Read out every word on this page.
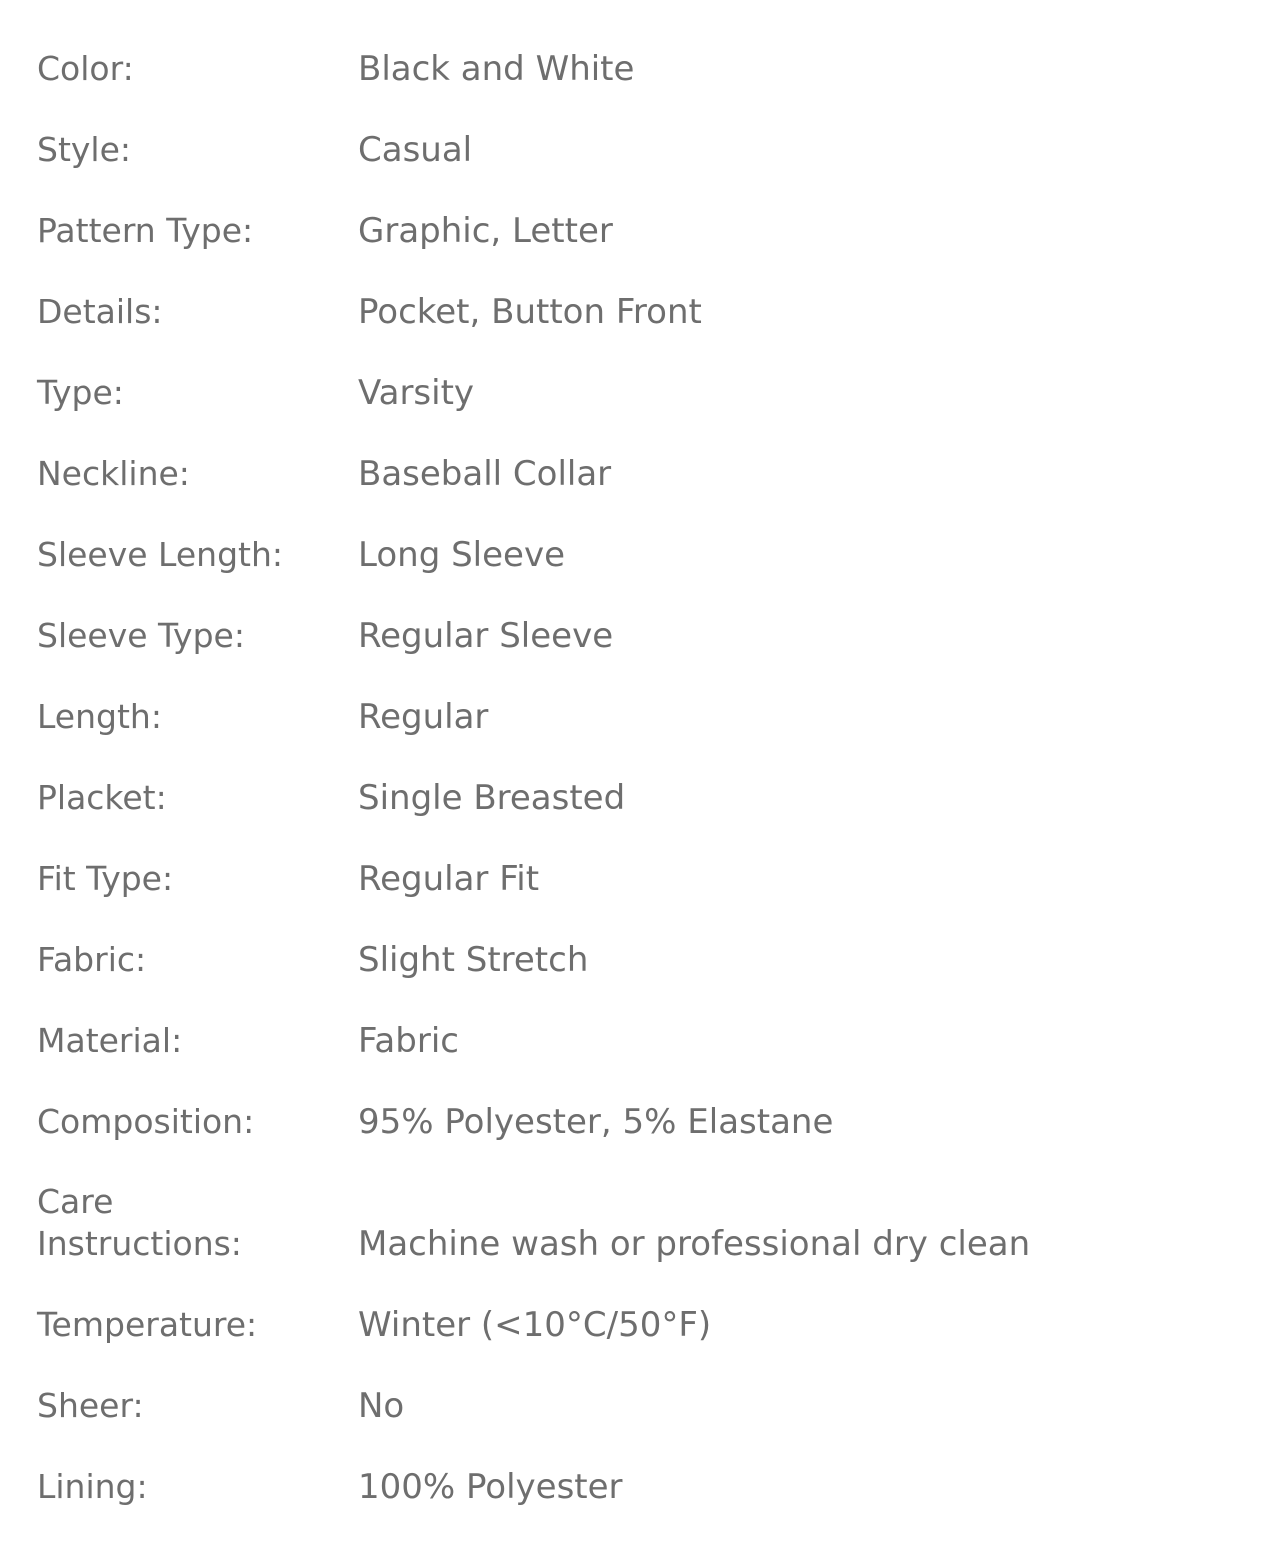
Color:	Black and White
Style:	Casual
Pattern Type:	Graphic, Letter
Details:	Pocket, Button Front
Type:	Varsity
Neckline:	Baseball Collar
Sleeve Length:	Long Sleeve
Sleeve Type:	Regular Sleeve
Length:	Regular
Placket:	Single Breasted
Fit Type:	Regular Fit
Fabric:	Slight Stretch
Material:	Fabric
Composition:	95% Polyester, 5% Elastane
Care
Instructions:	Machine wash or professional dry clean
Temperature:	Winter (<10°C/50°F)
Sheer:	No
Lining:	100% Polyester
